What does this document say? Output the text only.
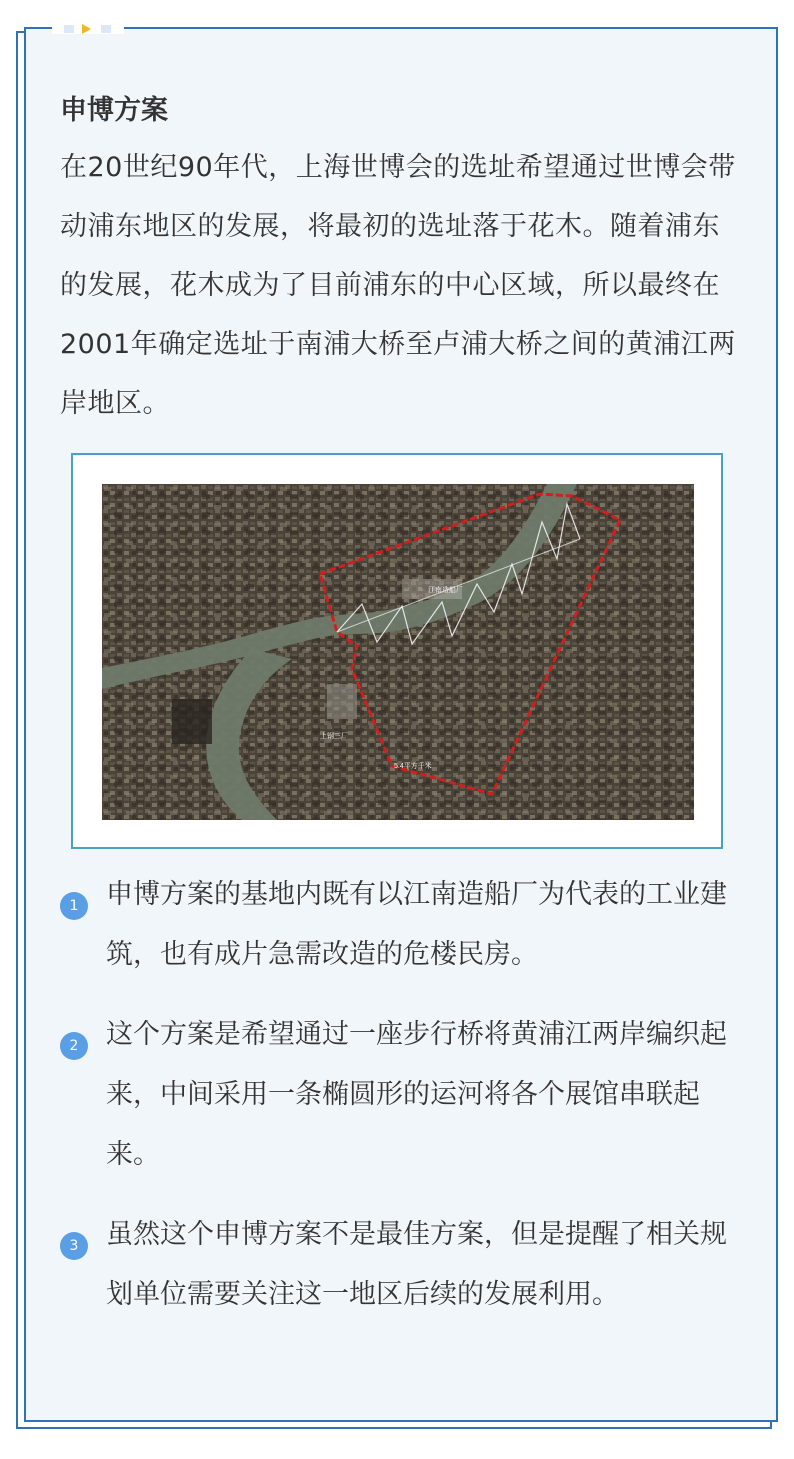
申博方案

在20世纪90年代，上海世博会的选址希望通过世博会带动浦东地区的发展，将最初的选址落于花木。随着浦东的发展，花木成为了目前浦东的中心区域，所以最终在2001年确定选址于南浦大桥至卢浦大桥之间的黄浦江两岸地区。

江南造船厂
上钢三厂
5.4平方千米
1	申博方案的基地内既有以江南造船厂为代表的工业建筑，也有成片急需改造的危楼民房。

2	这个方案是希望通过一座步行桥将黄浦江两岸编织起来，中间采用一条椭圆形的运河将各个展馆串联起来。

3	虽然这个申博方案不是最佳方案，但是提醒了相关规划单位需要关注这一地区后续的发展利用。
